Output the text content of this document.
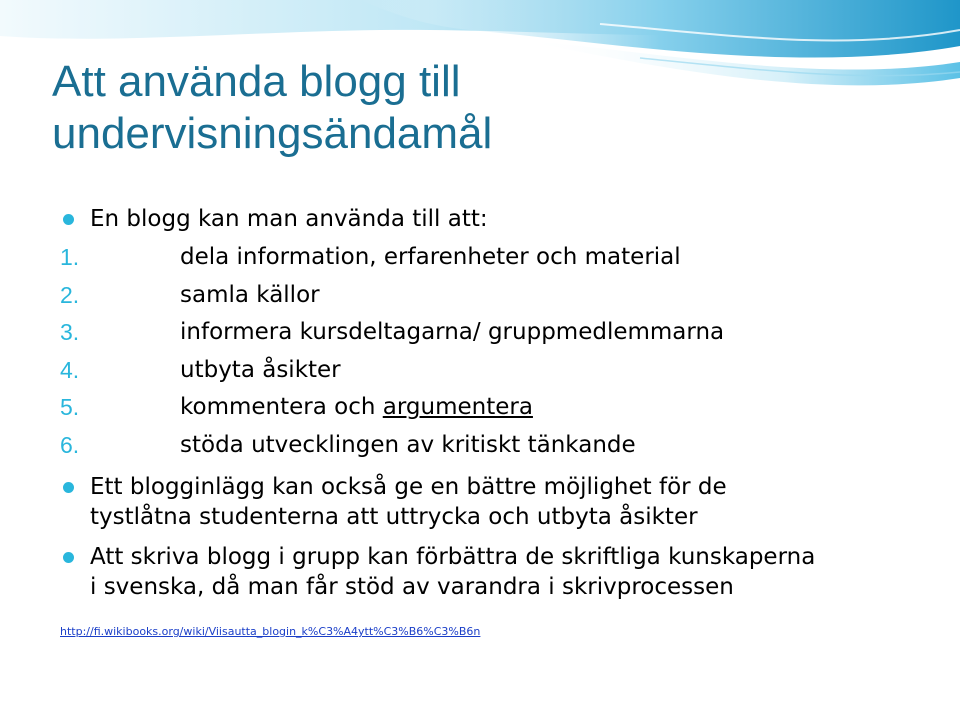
Att använda blogg till
undervisningsändamål
En blogg kan man använda till att:
1.	dela information, erfarenheter och material
2.	samla källor
3.	informera kursdeltagarna/ gruppmedlemmarna
4.	utbyta åsikter
5.	kommentera och argumentera
6.	stöda utvecklingen av kritiskt tänkande
Ett blogginlägg kan också ge en bättre möjlighet för de
tystlåtna studenterna att uttrycka och utbyta åsikter
Att skriva blogg i grupp kan förbättra de skriftliga kunskaperna
i svenska, då man får stöd av varandra i skrivprocessen
http://fi.wikibooks.org/wiki/Viisautta_blogin_k%C3%A4ytt%C3%B6%C3%B6n
